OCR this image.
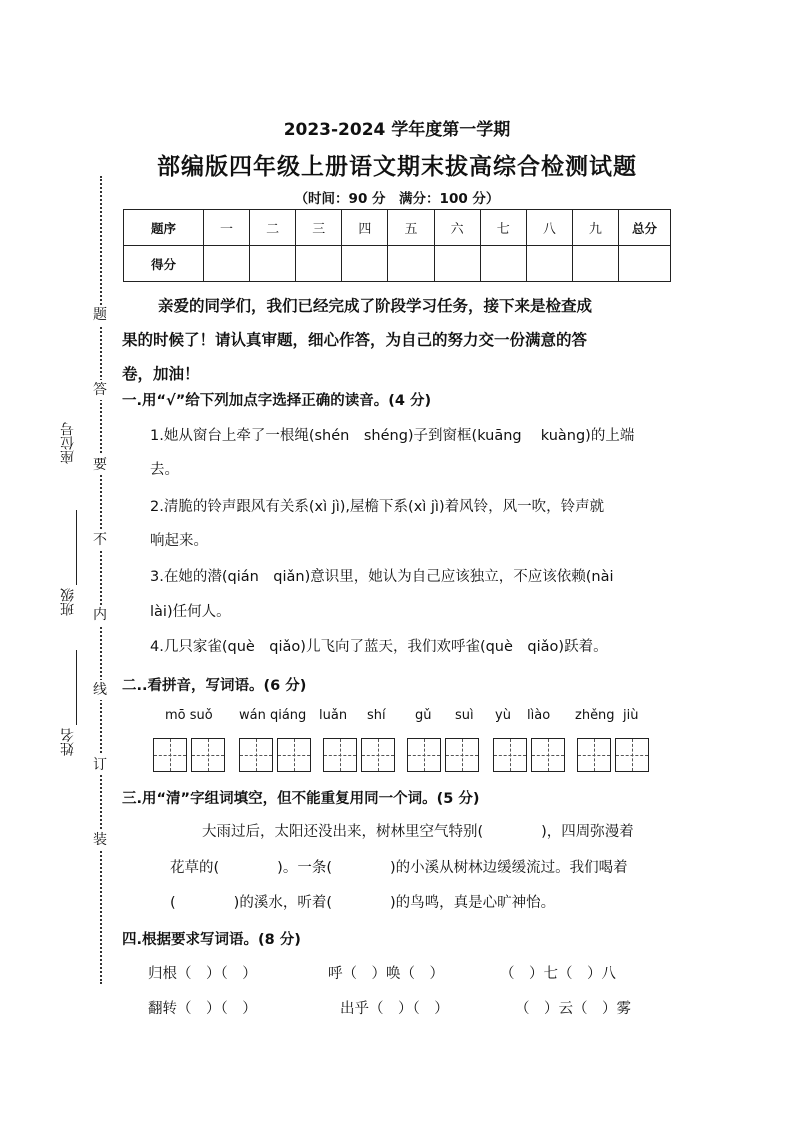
题
答
要
不
内
线
订
装
座位号
班级
姓名
2023-2024 学年度第一学期
部编版四年级上册语文期末拔高综合检测试题
（时间：90 分　满分：100 分）
题序	一	二	三	四	五	六	七	八	九	总分
得分										

亲爱的同学们，我们已经完成了阶段学习任务，接下来是检查成

果的时候了！请认真审题，细心作答，为自己的努力交一份满意的答
卷，加油！
一.用“√”给下列加点字选择正确的读音。(4 分)
1.她从窗台上牵了一根绳(shén　shéng)子到窗框(kuāng　 kuàng)的上端
去。
2.清脆的铃声跟风有关系(xì jì),屋檐下系(xì jì)着风铃，风一吹，铃声就
响起来。
3.在她的潜(qián　qiǎn)意识里，她认为自己应该独立，不应该依赖(nài
lài)任何人。
4.几只家雀(què　qiǎo)儿飞向了蓝天，我们欢呼雀(què　qiǎo)跃着。
二..看拼音，写词语。(6 分)
mō suǒ wán qiáng luǎn shí gǔ suì yù lìào zhěng jiù
三.用“清”字组词填空，但不能重复用同一个词。(5 分)
大雨过后，太阳还没出来，树林里空气特别(　　　　)，四周弥漫着
花草的(　　　　)。一条(　　　　)的小溪从树林边缓缓流过。我们喝着
(　　　　)的溪水，听着(　　　　)的鸟鸣，真是心旷神怡。
四.根据要求写词语。(8 分)
归根（　）（　）	呼（　）唤（　）	（　）七（　）八
翻转（　）（　）	出乎（　）（　）	（　）云（　）雾
